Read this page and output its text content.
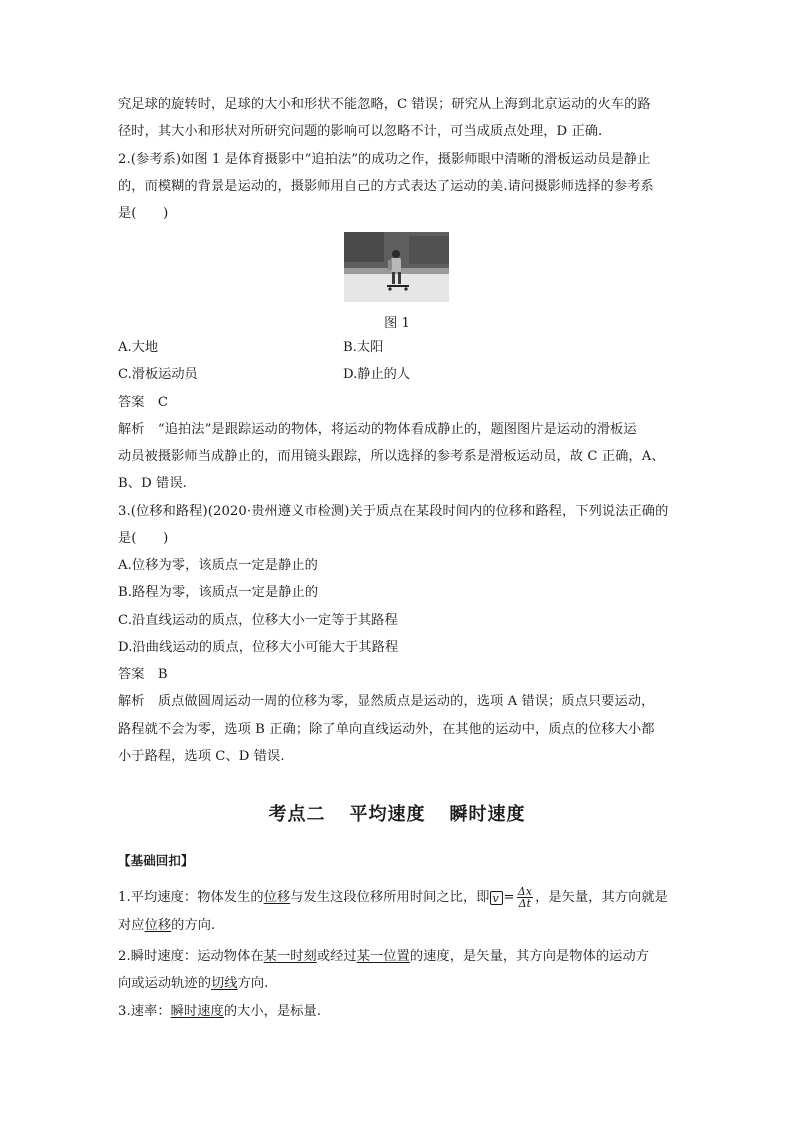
究足球的旋转时，足球的大小和形状不能忽略，C 错误；研究从上海到北京运动的火车的路
径时，其大小和形状对所研究问题的影响可以忽略不计，可当成质点处理，D 正确.
2.(参考系)如图 1 是体育摄影中“追拍法”的成功之作，摄影师眼中清晰的滑板运动员是静止
的，而模糊的背景是运动的，摄影师用自己的方式表达了运动的美.请问摄影师选择的参考系
是(　　)
图 1
A.大地	B.太阳
C.滑板运动员	D.静止的人
答案　C
解析　“追拍法”是跟踪运动的物体，将运动的物体看成静止的，题图图片是运动的滑板运
动员被摄影师当成静止的，而用镜头跟踪，所以选择的参考系是滑板运动员，故 C 正确，A、
B、D 错误.
3.(位移和路程)(2020·贵州遵义市检测)关于质点在某段时间内的位移和路程，下列说法正确的
是(　　)
A.位移为零，该质点一定是静止的
B.路程为零，该质点一定是静止的
C.沿直线运动的质点，位移大小一定等于其路程
D.沿曲线运动的质点，位移大小可能大于其路程
答案　B
解析　质点做圆周运动一周的位移为零，显然质点是运动的，选项 A 错误；质点只要运动，
路程就不会为零，选项 B 正确；除了单向直线运动外，在其他的运动中，质点的位移大小都
小于路程，选项 C、D 错误.
考点二 平均速度 瞬时速度
【基础回扣】
1.平均速度：物体发生的位移与发生这段位移所用时间之比，即$v = \frac{\Delta x}{\Delta t}$ ，是矢量，其方向就是
对应位移的方向.
2.瞬时速度：运动物体在某一时刻或经过某一位置的速度，是矢量，其方向是物体的运动方
向或运动轨迹的切线方向.
3.速率：瞬时速度的大小，是标量.
